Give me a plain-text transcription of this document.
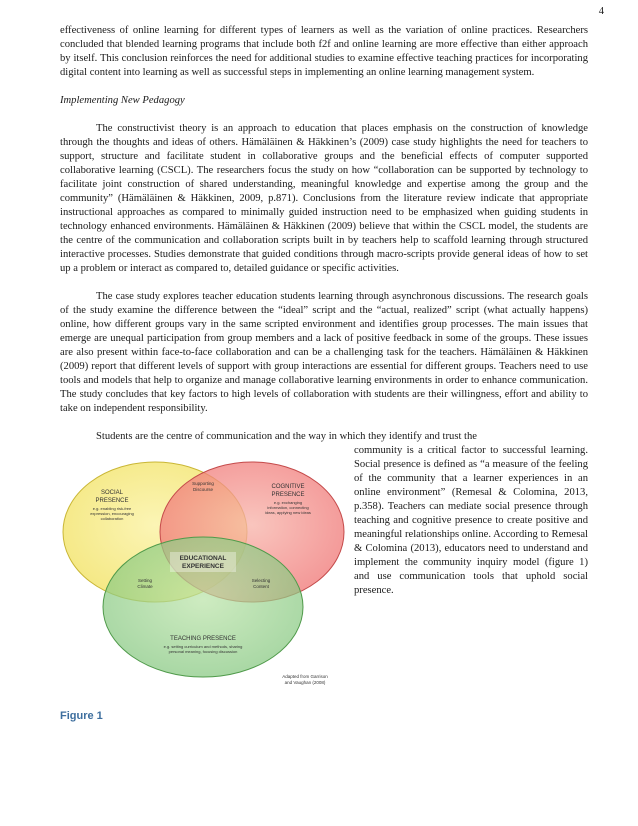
4

effectiveness of online learning for different types of learners as well as the variation of online practices. Researchers concluded that blended learning programs that include both f2f and online learning are more effective than either approach by itself. This conclusion reinforces the need for additional studies to examine effective teaching practices for incorporating digital content into learning as well as successful steps in implementing an online learning management system.

Implementing New Pedagogy

The constructivist theory is an approach to education that places emphasis on the construction of knowledge through the thoughts and ideas of others. Hämäläinen & Häkkinen’s (2009) case study highlights the need for teachers to support, structure and facilitate student in collaborative groups and the beneficial effects of computer supported collaborative learning (CSCL). The researchers focus the study on how “collaboration can be supported by technology to facilitate joint construction of shared understanding, meaningful knowledge and expertise among the group and the community” (Hämäläinen & Häkkinen, 2009, p.871). Conclusions from the literature review indicate that appropriate instructional approaches as compared to minimally guided instruction need to be emphasized when guiding students in technology enhanced environments. Hämäläinen & Häkkinen (2009) believe that within the CSCL model, the students are the centre of the communication and collaboration scripts built in by teachers help to scaffold learning through structured interactive processes. Studies demonstrate that guided conditions through macro-scripts provide general ideas of how to set up a problem or interact as compared to, detailed guidance or specific activities.

The case study explores teacher education students learning through asynchronous discussions. The research goals of the study examine the difference between the “ideal” script and the “actual, realized” script (what actually happens) online, how different groups vary in the same scripted environment and identifies group processes. The main issues that emerge are unequal participation from group members and a lack of positive feedback in some of the groups. These issues are also present within face-to-face collaboration and can be a challenging task for the teachers. Hämäläinen & Häkkinen (2009) report that different levels of support with group interactions are essential for different groups. Teachers need to use tools and models that help to organize and manage collaborative learning environments in order to enhance communication. The study concludes that key factors to high levels of collaboration with students are their willingness, effort and ability to take on independent responsibility.

Students are the centre of communication and the way in which they identify and trust the

SOCIAL
PRESENCE
e.g. enabling risk-free
expression, encouraging
collaboration
COGNITIVE
PRESENCE
e.g. exchanging
information, connecting
ideas, applying new ideas
Supporting
Discourse
EDUCATIONAL
EXPERIENCE
Setting
Climate
Selecting
Content
TEACHING PRESENCE
e.g. setting curriculum and methods, sharing
personal meaning, focusing discussion
Adapted from Garrison
and Vaughan (2008)

community is a critical factor to successful learning. Social presence is defined as “a measure of the feeling of the community that a learner experiences in an online environment” (Remesal & Colomina, 2013, p.358). Teachers can mediate social presence through teaching and cognitive presence to create positive and meaningful relationships online. According to Remesal & Colomina (2013), educators need to understand and implement the community inquiry model (figure 1) and use communication tools that uphold social presence.

Figure 1
